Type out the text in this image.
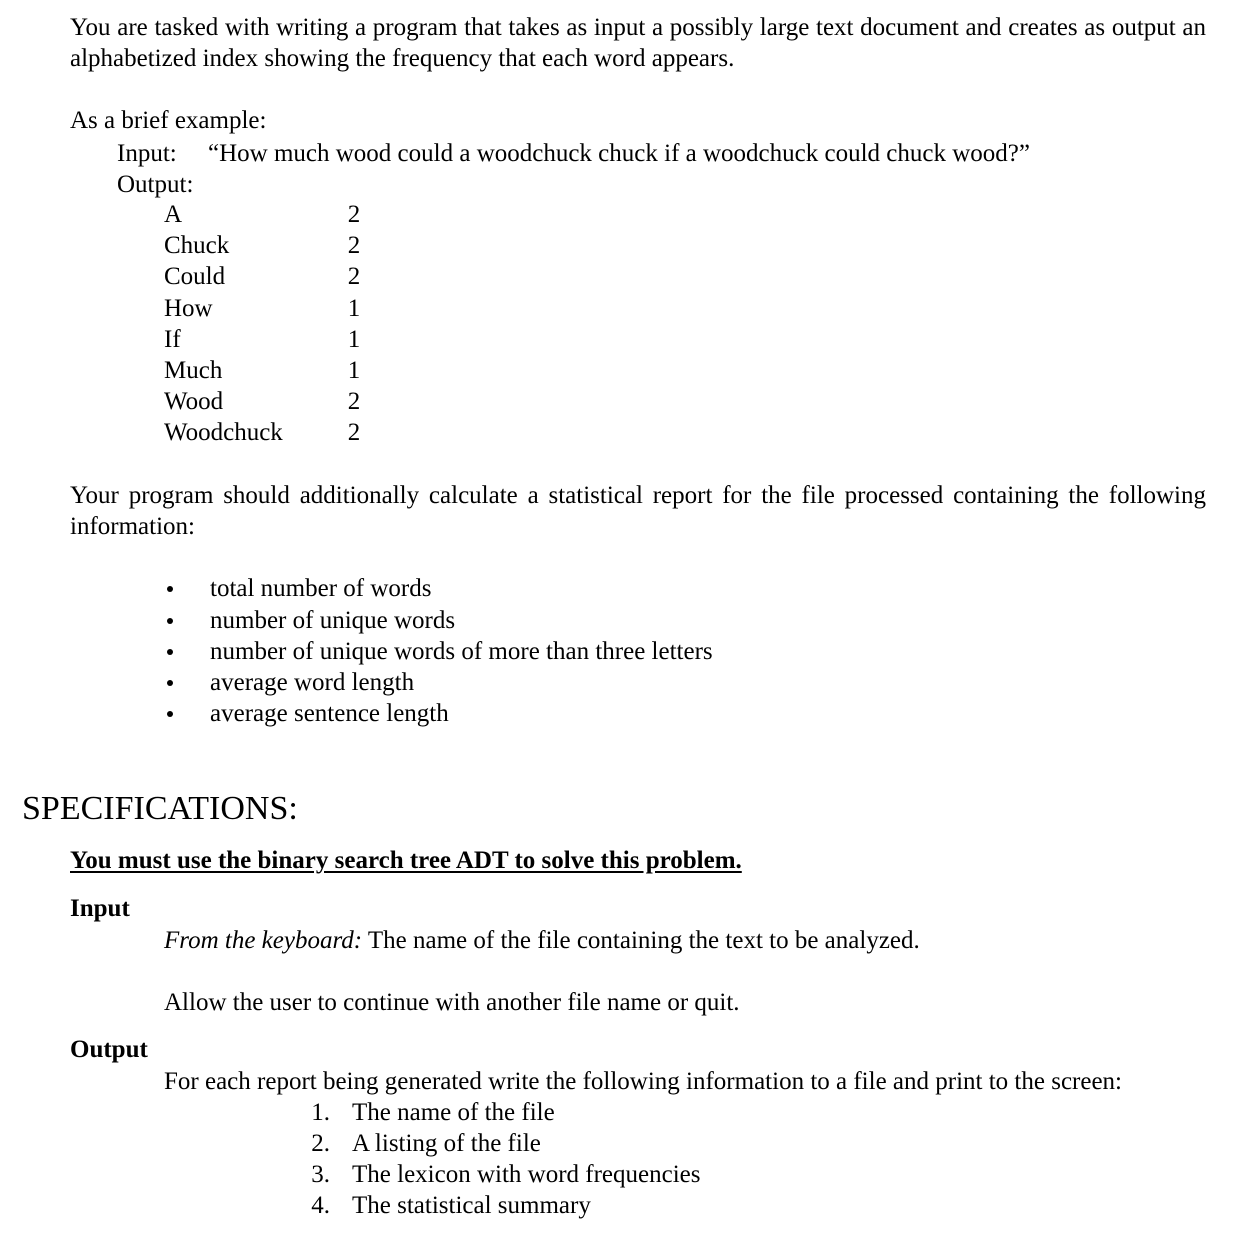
You are tasked with writing a program that takes as input a possibly large text document and creates as output an alphabetized index showing the frequency that each word appears.
As a brief example:
Input: “How much wood could a woodchuck chuck if a woodchuck could chuck wood?”
Output:
A	2
Chuck	2
Could	2
How	1
If	1
Much	1
Wood	2
Woodchuck	2
Your program should additionally calculate a statistical report for the file processed containing the following information:
total number of words
number of unique words
number of unique words of more than three letters
average word length
average sentence length
SPECIFICATIONS:
You must use the binary search tree ADT to solve this problem.
Input
From the keyboard: The name of the file containing the text to be analyzed.
Allow the user to continue with another file name or quit.
Output
For each report being generated write the following information to a file and print to the screen:
1. The name of the file
2. A listing of the file
3. The lexicon with word frequencies
4. The statistical summary
